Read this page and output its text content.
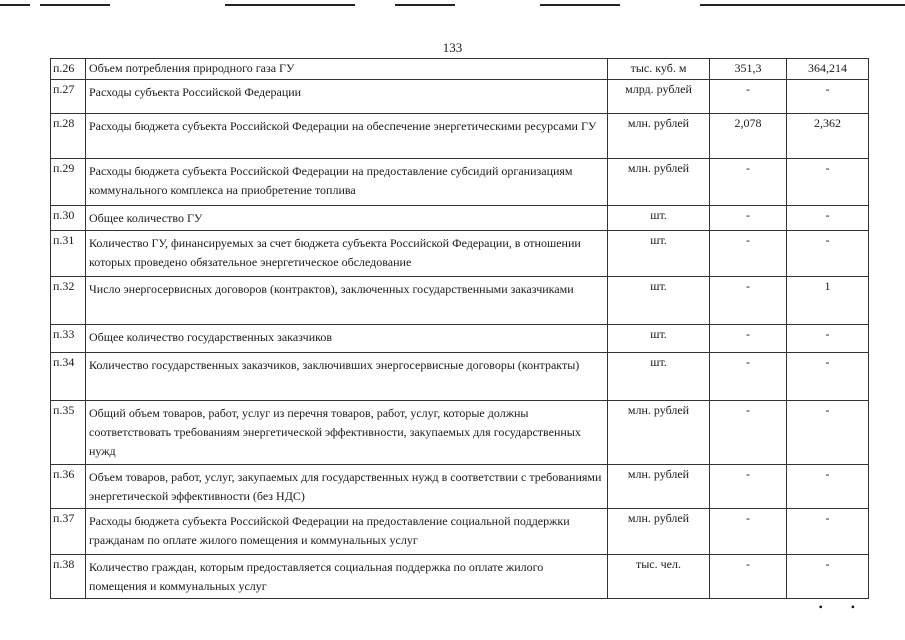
133
п.26	Объем потребления природного газа ГУ	тыс. куб. м	351,3	364,214
п.27	Расходы субъекта Российской Федерации	млрд. рублей	-	-
п.28	Расходы бюджета субъекта Российской Федерации на обеспечение энергетическими ресурсами ГУ	млн. рублей	2,078	2,362
п.29	Расходы бюджета субъекта Российской Федерации на предоставление субсидий организациям коммунального комплекса на приобретение топлива	млн. рублей	-	-
п.30	Общее количество ГУ	шт.	-	-
п.31	Количество ГУ, финансируемых за счет бюджета субъекта Российской Федерации, в отношении которых проведено обязательное энергетическое обследование	шт.	-	-
п.32	Число энергосервисных договоров (контрактов), заключенных государственными заказчиками	шт.	-	1
п.33	Общее количество государственных заказчиков	шт.	-	-
п.34	Количество государственных заказчиков, заключивших энергосервисные договоры (контракты)	шт.	-	-
п.35	Общий объем товаров, работ, услуг из перечня товаров, работ, услуг, которые должны соответствовать требованиям энергетической эффективности, закупаемых для государственных нужд	млн. рублей	-	-
п.36	Объем товаров, работ, услуг, закупаемых для государственных нужд в соответствии с требованиями энергетической эффективности (без НДС)	млн. рублей	-	-
п.37	Расходы бюджета субъекта Российской Федерации на предоставление социальной поддержки гражданам по оплате жилого помещения и коммунальных услуг	млн. рублей	-	-
п.38	Количество граждан, которым предоставляется социальная поддержка по оплате жилого помещения и коммунальных услуг	тыс. чел.	-	-
••
